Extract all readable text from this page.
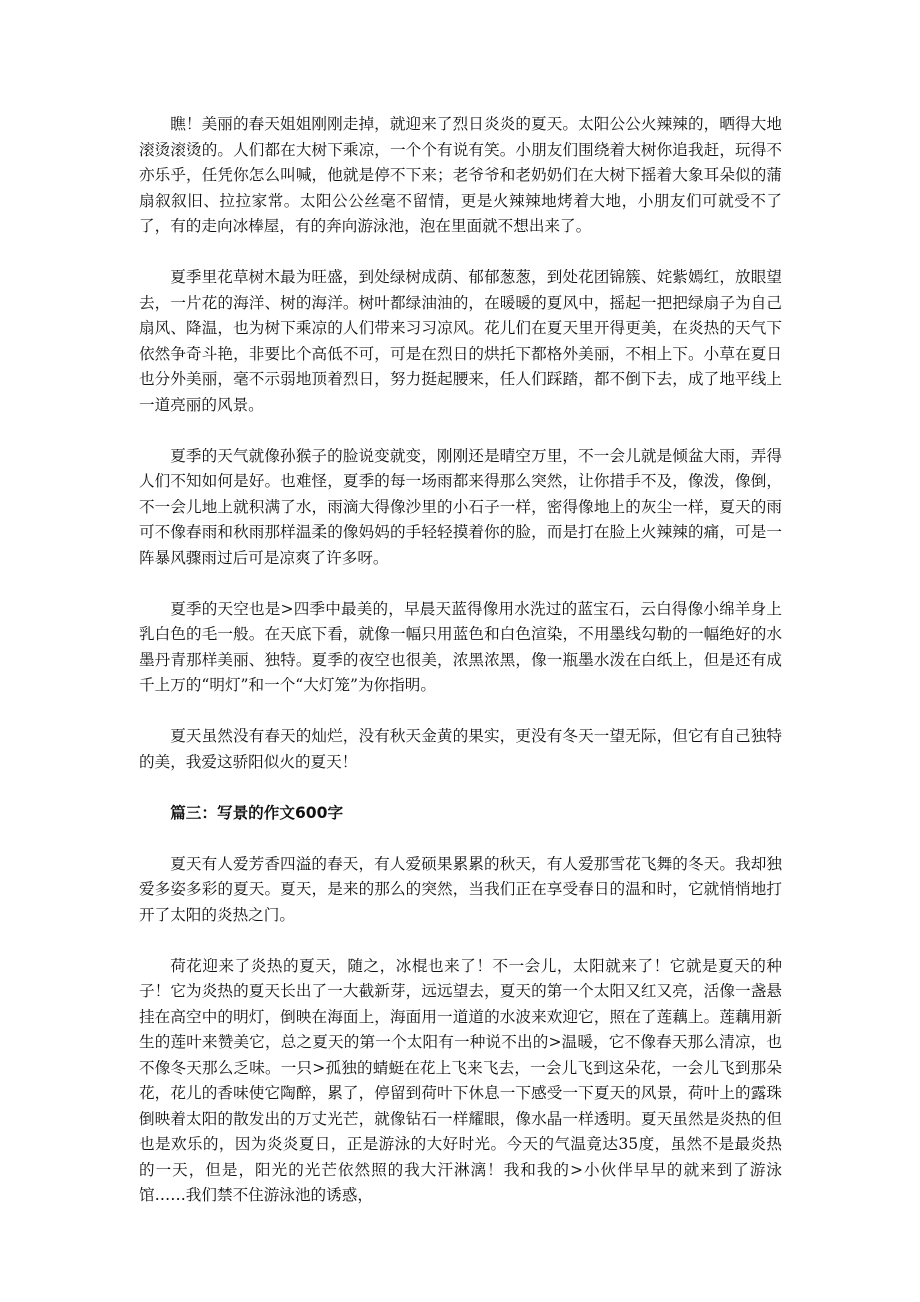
瞧！美丽的春天姐姐刚刚走掉，就迎来了烈日炎炎的夏天。太阳公公火辣辣的，晒得大地滚烫滚烫的。人们都在大树下乘凉，一个个有说有笑。小朋友们围绕着大树你追我赶，玩得不亦乐乎，任凭你怎么叫喊，他就是停不下来；老爷爷和老奶奶们在大树下摇着大象耳朵似的蒲扇叙叙旧、拉拉家常。太阳公公丝毫不留情，更是火辣辣地烤着大地，小朋友们可就受不了了，有的走向冰棒屋，有的奔向游泳池，泡在里面就不想出来了。

夏季里花草树木最为旺盛，到处绿树成荫、郁郁葱葱，到处花团锦簇、姹紫嫣红，放眼望去，一片花的海洋、树的海洋。树叶都绿油油的，在暖暖的夏风中，摇起一把把绿扇子为自己扇风、降温，也为树下乘凉的人们带来习习凉风。花儿们在夏天里开得更美，在炎热的天气下依然争奇斗艳，非要比个高低不可，可是在烈日的烘托下都格外美丽，不相上下。小草在夏日也分外美丽，毫不示弱地顶着烈日，努力挺起腰来，任人们踩踏，都不倒下去，成了地平线上一道亮丽的风景。

夏季的天气就像孙猴子的脸说变就变，刚刚还是晴空万里，不一会儿就是倾盆大雨，弄得人们不知如何是好。也难怪，夏季的每一场雨都来得那么突然，让你措手不及，像泼，像倒，不一会儿地上就积满了水，雨滴大得像沙里的小石子一样，密得像地上的灰尘一样，夏天的雨可不像春雨和秋雨那样温柔的像妈妈的手轻轻摸着你的脸，而是打在脸上火辣辣的痛，可是一阵暴风骤雨过后可是凉爽了许多呀。

夏季的天空也是>四季中最美的，早晨天蓝得像用水洗过的蓝宝石，云白得像小绵羊身上乳白色的毛一般。在天底下看，就像一幅只用蓝色和白色渲染，不用墨线勾勒的一幅绝好的水墨丹青那样美丽、独特。夏季的夜空也很美，浓黑浓黑，像一瓶墨水泼在白纸上，但是还有成千上万的“明灯”和一个“大灯笼”为你指明。

夏天虽然没有春天的灿烂，没有秋天金黄的果实，更没有冬天一望无际，但它有自己独特的美，我爱这骄阳似火的夏天！

篇三：写景的作文600字

夏天有人爱芳香四溢的春天，有人爱硕果累累的秋天，有人爱那雪花飞舞的冬天。我却独爱多姿多彩的夏天。夏天，是来的那么的突然，当我们正在享受春日的温和时，它就悄悄地打开了太阳的炎热之门。

荷花迎来了炎热的夏天，随之，冰棍也来了！不一会儿，太阳就来了！它就是夏天的种子！它为炎热的夏天长出了一大截新芽，远远望去，夏天的第一个太阳又红又亮，活像一盏悬挂在高空中的明灯，倒映在海面上，海面用一道道的水波来欢迎它，照在了莲藕上。莲藕用新生的莲叶来赞美它，总之夏天的第一个太阳有一种说不出的>温暖，它不像春天那么清凉，也不像冬天那么乏味。一只>孤独的蜻蜓在花上飞来飞去，一会儿飞到这朵花，一会儿飞到那朵花，花儿的香味使它陶醉，累了，停留到荷叶下休息一下感受一下夏天的风景，荷叶上的露珠倒映着太阳的散发出的万丈光芒，就像钻石一样耀眼，像水晶一样透明。夏天虽然是炎热的但也是欢乐的，因为炎炎夏日，正是游泳的大好时光。今天的气温竟达35度，虽然不是最炎热的一天，但是，阳光的光芒依然照的我大汗淋漓！我和我的>小伙伴早早的就来到了游泳馆……我们禁不住游泳池的诱惑，
